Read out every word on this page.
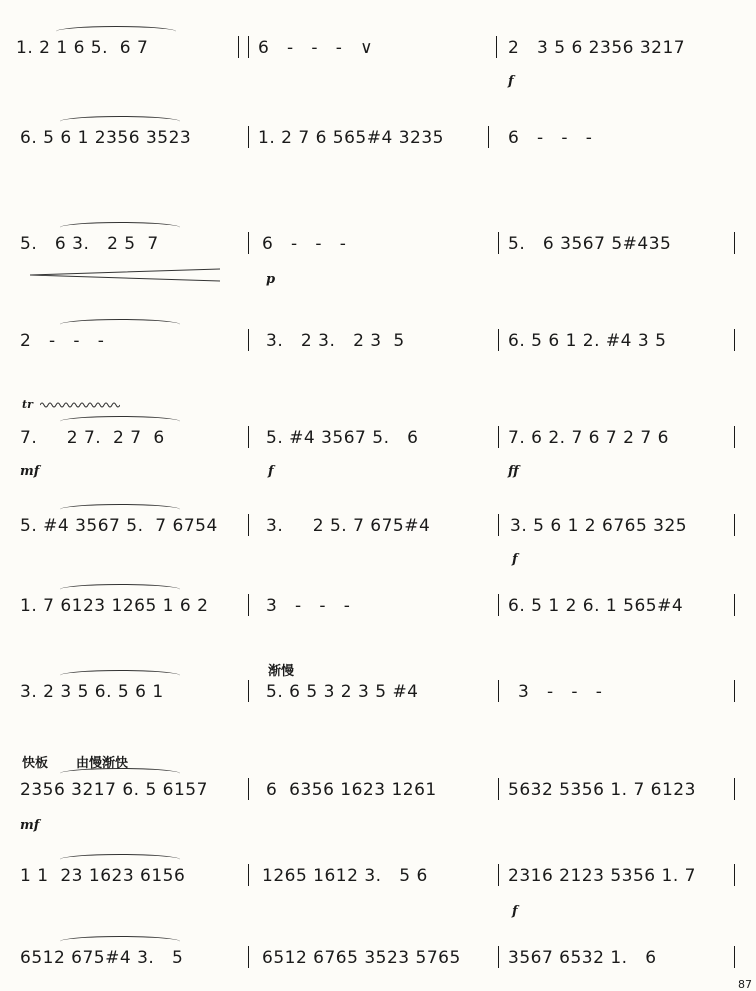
1. 2 1 6 5.  6 7	6   -   -   -   ∨	2   3 5 6 2356 3217
f
6. 5 6 1 2356 3523	1. 2 7 6 565#4 3235	6   -   -   -
5.   6 3.   2 5  7	6   -   -   -	5.   6 3567 5#435
p
2   -   -   -	3.   2 3.   2 3  5	6. 5 6 1 2. #4 3 5
7.     2 7.  2 7  6	5. #4 3567 5.   6	7. 6 2. 7 6 7 2 7 6
mf	f	ff
5. #4 3567 5.  7 6754	3.     2 5. 7 675#4	3. 5 6 1 2 6765 325
f
1. 7 6123 1265 1 6 2	3   -   -   -	6. 5 1 2 6. 1 565#4
3. 2 3 5 6. 5 6 1	5. 6 5 3 2 3 5 #4	3   -   -   -
2356 3217 6. 5 6157	6  6356 1623 1261	5632 5356 1. 7 6123
mf
1 1  23 1623 6156	1265 1612 3.   5 6	2316 2123 5356 1. 7
f
6512 675#4 3.   5	6512 6765 3523 5765	3567 6532 1.   6
渐慢
快板 由慢渐快
tr
87
